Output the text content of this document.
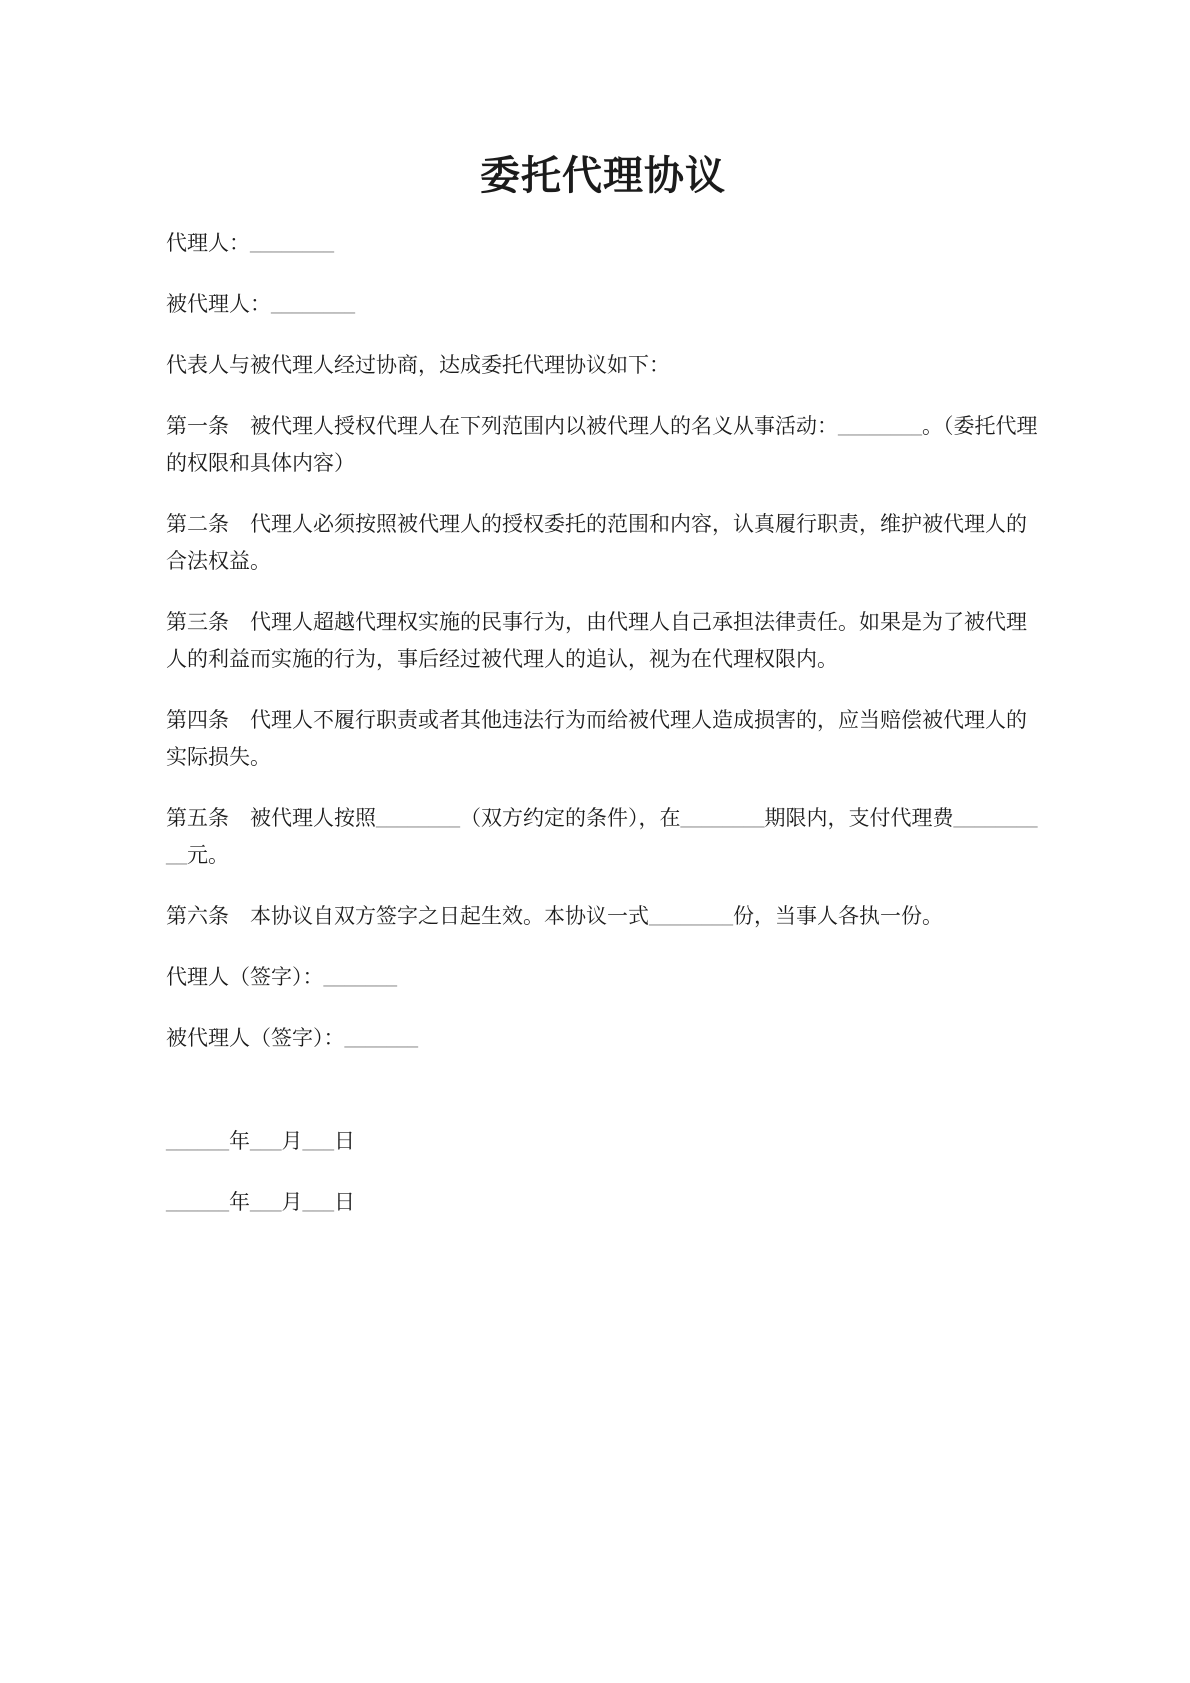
委托代理协议

代理人：________

被代理人：________

代表人与被代理人经过协商，达成委托代理协议如下：

第一条　被代理人授权代理人在下列范围内以被代理人的名义从事活动：________。（委托代理的权限和具体内容）

第二条　代理人必须按照被代理人的授权委托的范围和内容，认真履行职责，维护被代理人的合法权益。

第三条　代理人超越代理权实施的民事行为，由代理人自己承担法律责任。如果是为了被代理人的利益而实施的行为，事后经过被代理人的追认，视为在代理权限内。

第四条　代理人不履行职责或者其他违法行为而给被代理人造成损害的，应当赔偿被代理人的实际损失。

第五条　被代理人按照________（双方约定的条件），在________期限内，支付代理费__________元。

第六条　本协议自双方签字之日起生效。本协议一式________份，当事人各执一份。

代理人（签字）：_______

被代理人（签字）：_______

______年___月___日

______年___月___日
